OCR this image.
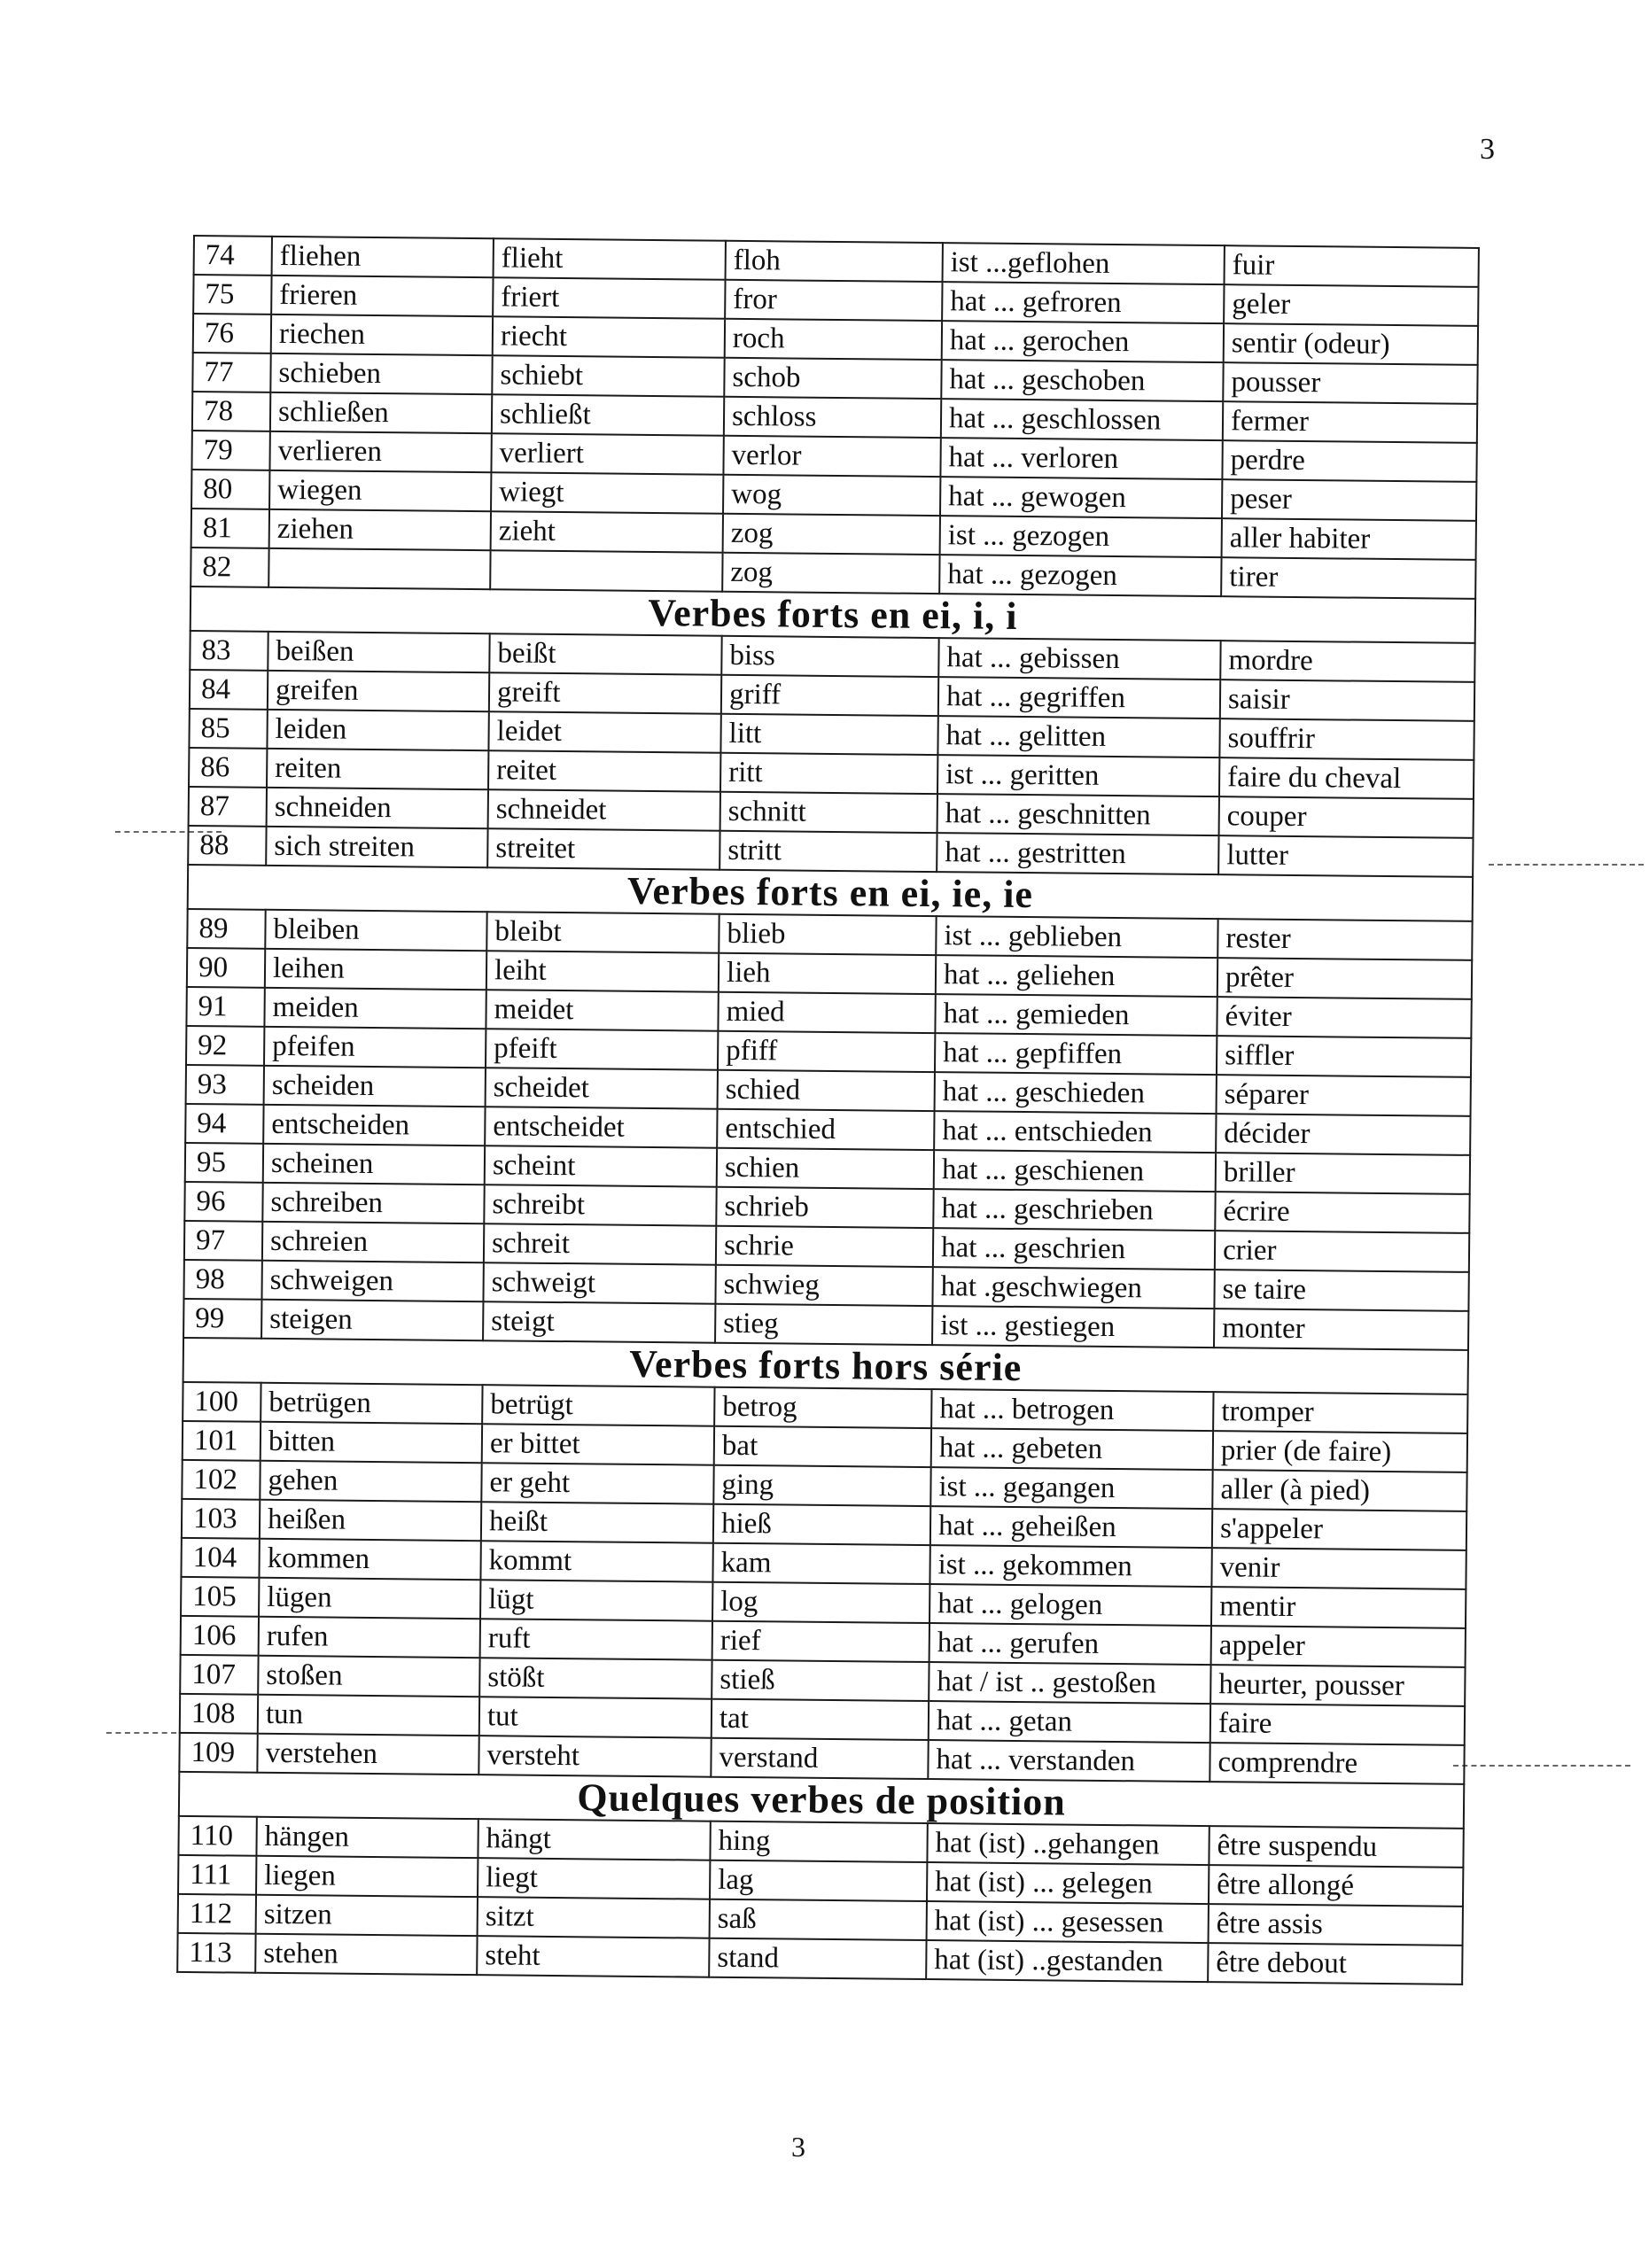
3
74	fliehen	flieht	floh	ist ...geflohen	fuir
75	frieren	friert	fror	hat ... gefroren	geler
76	riechen	riecht	roch	hat ... gerochen	sentir (odeur)
77	schieben	schiebt	schob	hat ... geschoben	pousser
78	schließen	schließt	schloss	hat ... geschlossen	fermer
79	verlieren	verliert	verlor	hat ... verloren	perdre
80	wiegen	wiegt	wog	hat ... gewogen	peser
81	ziehen	zieht	zog	ist ... gezogen	aller habiter
82			zog	hat ... gezogen	tirer
Verbes forts en ei, i, i					
83	beißen	beißt	biss	hat ... gebissen	mordre
84	greifen	greift	griff	hat ... gegriffen	saisir
85	leiden	leidet	litt	hat ... gelitten	souffrir
86	reiten	reitet	ritt	ist ... geritten	faire du cheval
87	schneiden	schneidet	schnitt	hat ... geschnitten	couper
88	sich streiten	streitet	stritt	hat ... gestritten	lutter
Verbes forts en ei, ie, ie					
89	bleiben	bleibt	blieb	ist ... geblieben	rester
90	leihen	leiht	lieh	hat ... geliehen	prêter
91	meiden	meidet	mied	hat ... gemieden	éviter
92	pfeifen	pfeift	pfiff	hat ... gepfiffen	siffler
93	scheiden	scheidet	schied	hat ... geschieden	séparer
94	entscheiden	entscheidet	entschied	hat ... entschieden	décider
95	scheinen	scheint	schien	hat ... geschienen	briller
96	schreiben	schreibt	schrieb	hat ... geschrieben	écrire
97	schreien	schreit	schrie	hat ... geschrien	crier
98	schweigen	schweigt	schwieg	hat .geschwiegen	se taire
99	steigen	steigt	stieg	ist ... gestiegen	monter
Verbes forts hors série					
100	betrügen	betrügt	betrog	hat ... betrogen	tromper
101	bitten	er bittet	bat	hat ... gebeten	prier (de faire)
102	gehen	er geht	ging	ist ... gegangen	aller (à pied)
103	heißen	heißt	hieß	hat ... geheißen	s'appeler
104	kommen	kommt	kam	ist ... gekommen	venir
105	lügen	lügt	log	hat ... gelogen	mentir
106	rufen	ruft	rief	hat ... gerufen	appeler
107	stoßen	stößt	stieß	hat / ist .. gestoßen	heurter, pousser
108	tun	tut	tat	hat ... getan	faire
109	verstehen	versteht	verstand	hat ... verstanden	comprendre
Quelques verbes de position					
110	hängen	hängt	hing	hat (ist) ..gehangen	être suspendu
111	liegen	liegt	lag	hat (ist) ... gelegen	être allongé
112	sitzen	sitzt	saß	hat (ist) ... gesessen	être assis
113	stehen	steht	stand	hat (ist) ..gestanden	être debout
3
